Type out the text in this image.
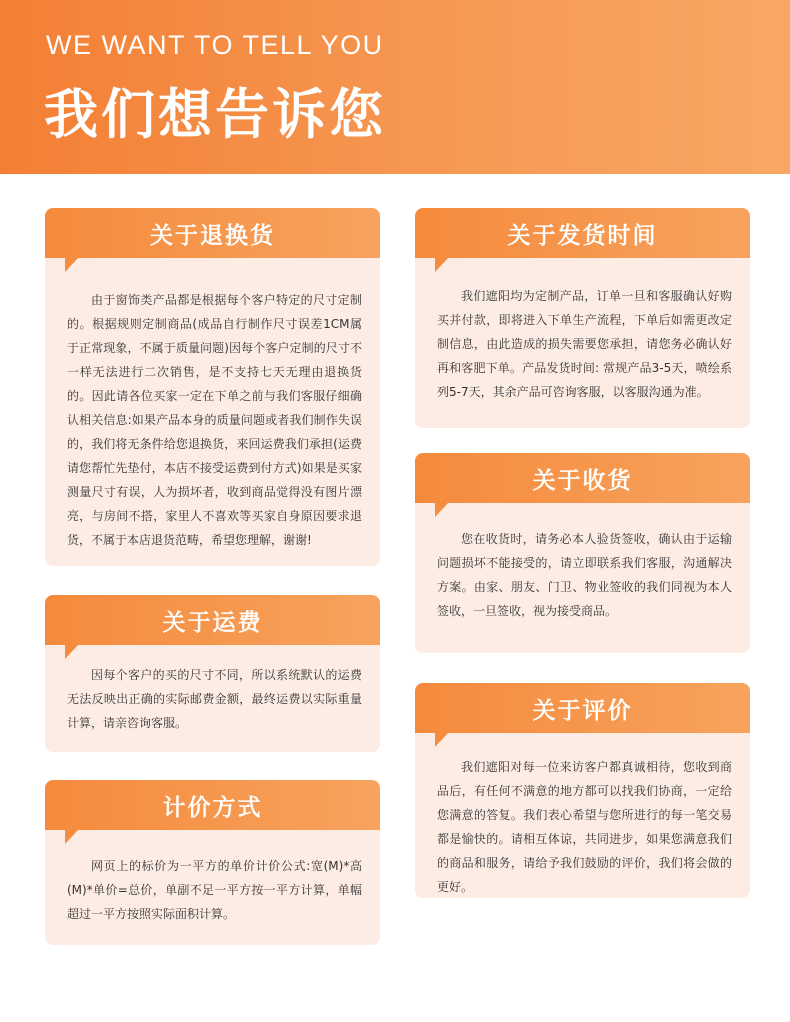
WE WANT TO TELL YOU
我们想告诉您
关于退换货
由于窗饰类产品都是根据每个客户特定的尺寸定制的。根据规则定制商品(成品自行制作尺寸误差1CM属于正常现象，不属于质量问题)因每个客户定制的尺寸不一样无法进行二次销售，是不支持七天无理由退换货的。因此请各位买家一定在下单之前与我们客服仔细确认相关信息:如果产品本身的质量问题或者我们制作失误的，我们将无条件给您退换货，来回运费我们承担(运费请您帮忙先垫付，本店不接受运费到付方式)如果是买家测量尺寸有误，人为损坏者，收到商品觉得没有图片漂亮，与房间不搭，家里人不喜欢等买家自身原因要求退货，不属于本店退货范畴，希望您理解，谢谢!
关于运费
因每个客户的买的尺寸不同，所以系统默认的运费无法反映出正确的实际邮费金额，最终运费以实际重量计算，请亲咨询客服。
计价方式
网页上的标价为一平方的单价计价公式:宽(M)*高(M)*单价=总价，单副不足一平方按一平方计算，单幅超过一平方按照实际面积计算。
关于发货时间
我们遮阳均为定制产品，订单一旦和客服确认好购买并付款，即将进入下单生产流程，下单后如需更改定制信息，由此造成的损失需要您承担，请您务必确认好再和客肥下单。产品发货时间: 常规产品3-5天，喷绘系列5-7天，其余产品可咨询客服，以客服沟通为准。
关于收货
您在收货时，请务必本人验货签收，确认由于运输问题损坏不能接受的，请立即联系我们客服，沟通解决方案。由家、朋友、门卫、物业签收的我们同视为本人签收，一旦签收，视为接受商品。
关于评价
我们遮阳对每一位来访客户都真诚相待，您收到商品后，有任何不满意的地方都可以找我们协商，一定给您满意的答复。我们表心希望与您所进行的每一笔交易都是愉快的。请相互体谅，共同进步，如果您满意我们的商品和服务，请给予我们鼓励的评价，我们将会做的更好。
